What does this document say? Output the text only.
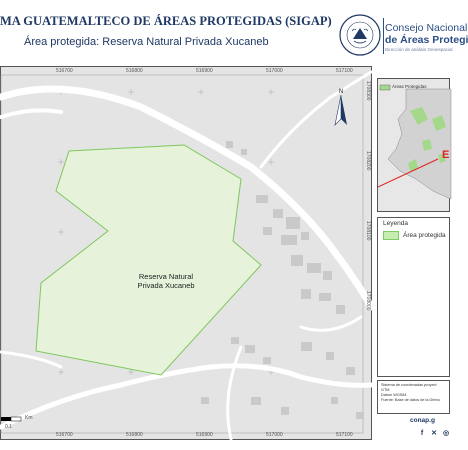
MA GUATEMALTECO DE ÁREAS PROTEGIDAS (SIGAP)
Área protegida: Reserva Natural Privada Xucaneb
Consejo Nacional
de Áreas Protegi
Dirección de análisis Geoespacial
Reserva Natural
Privada Xucaneb
N
Km
0.1
516700	516800	516900	517000	517100
516700	516800	516900	517000	517100
1708300
1708200
1708100
1708000
Áreas Protegidas
E
Leyenda
Área protegida
Sistema de coordenadas proyect
GTM
Datum WGS84
Fuente: Base de datos de la Direcc
conap.g
f	✕ ◎
